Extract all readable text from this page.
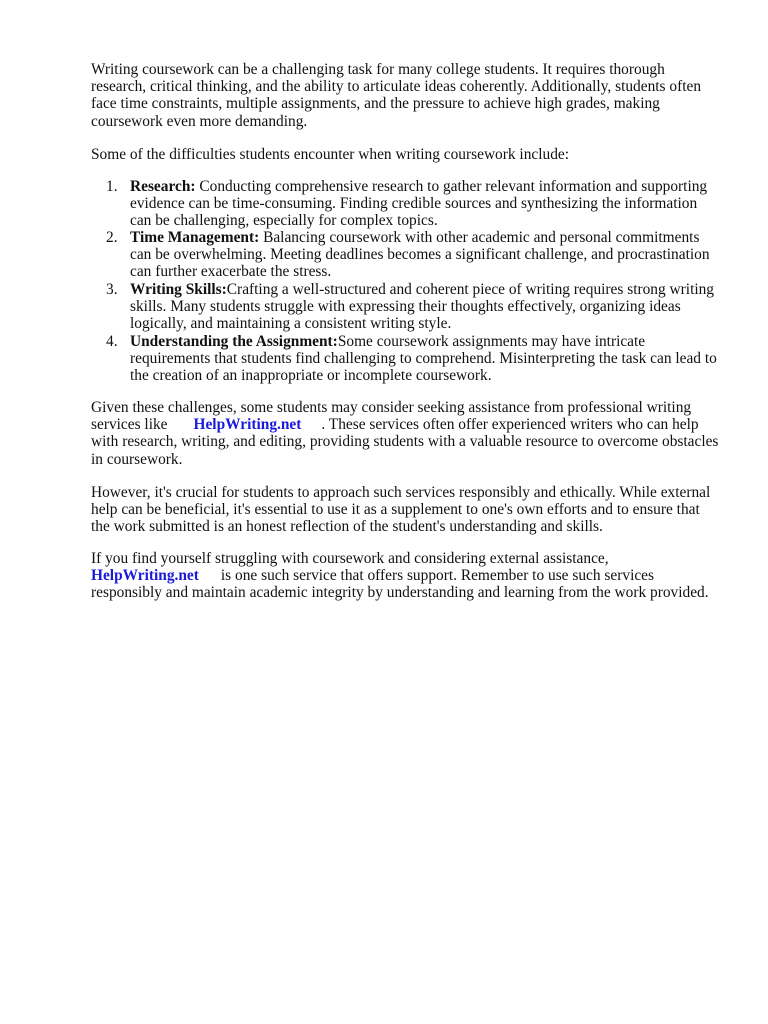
Writing coursework can be a challenging task for many college students. It requires thorough research, critical thinking, and the ability to articulate ideas coherently. Additionally, students often face time constraints, multiple assignments, and the pressure to achieve high grades, making coursework even more demanding.

Some of the difficulties students encounter when writing coursework include:

1. Research: Conducting comprehensive research to gather relevant information and supporting evidence can be time-consuming. Finding credible sources and synthesizing the information can be challenging, especially for complex topics.
2. Time Management: Balancing coursework with other academic and personal commitments can be overwhelming. Meeting deadlines becomes a significant challenge, and procrastination can further exacerbate the stress.
3. Writing Skills:Crafting a well-structured and coherent piece of writing requires strong writing skills. Many students struggle with expressing their thoughts effectively, organizing ideas logically, and maintaining a consistent writing style.
4. Understanding the Assignment:Some coursework assignments may have intricate requirements that students find challenging to comprehend. Misinterpreting the task can lead to the creation of an inappropriate or incomplete coursework.

Given these challenges, some students may consider seeking assistance from professional writing services like HelpWriting.net . These services often offer experienced writers who can help with research, writing, and editing, providing students with a valuable resource to overcome obstacles in coursework.

However, it's crucial for students to approach such services responsibly and ethically. While external help can be beneficial, it's essential to use it as a supplement to one's own efforts and to ensure that the work submitted is an honest reflection of the student's understanding and skills.

If you find yourself struggling with coursework and considering external assistance,
HelpWriting.net is one such service that offers support. Remember to use such services responsibly and maintain academic integrity by understanding and learning from the work provided.
